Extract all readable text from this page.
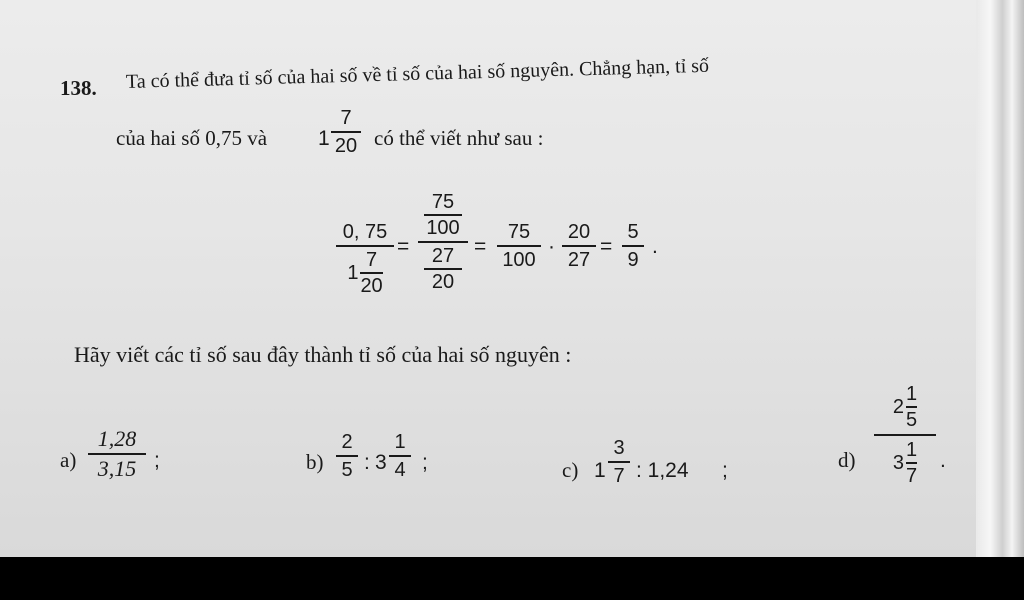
138. Ta có thể đưa tỉ số của hai số về tỉ số của hai số nguyên. Chẳng hạn, tỉ số
của hai số 0,75 và 1
7
20 có thể viết như sau :
0, 75
$1 \frac{7}{20}$
=
75
100
27
20
=
75
100
·
20
27
=
5
9
.
Hãy viết các tỉ số sau đây thành tỉ số của hai số nguyên :
a)
1,28
3,15 ;	b)
2
5 : 3
1
4 ;	c) 1
3
7 : 1,24 ;	d)
$2 \frac{1}{5}$
$3 \frac{1}{7}$ .
